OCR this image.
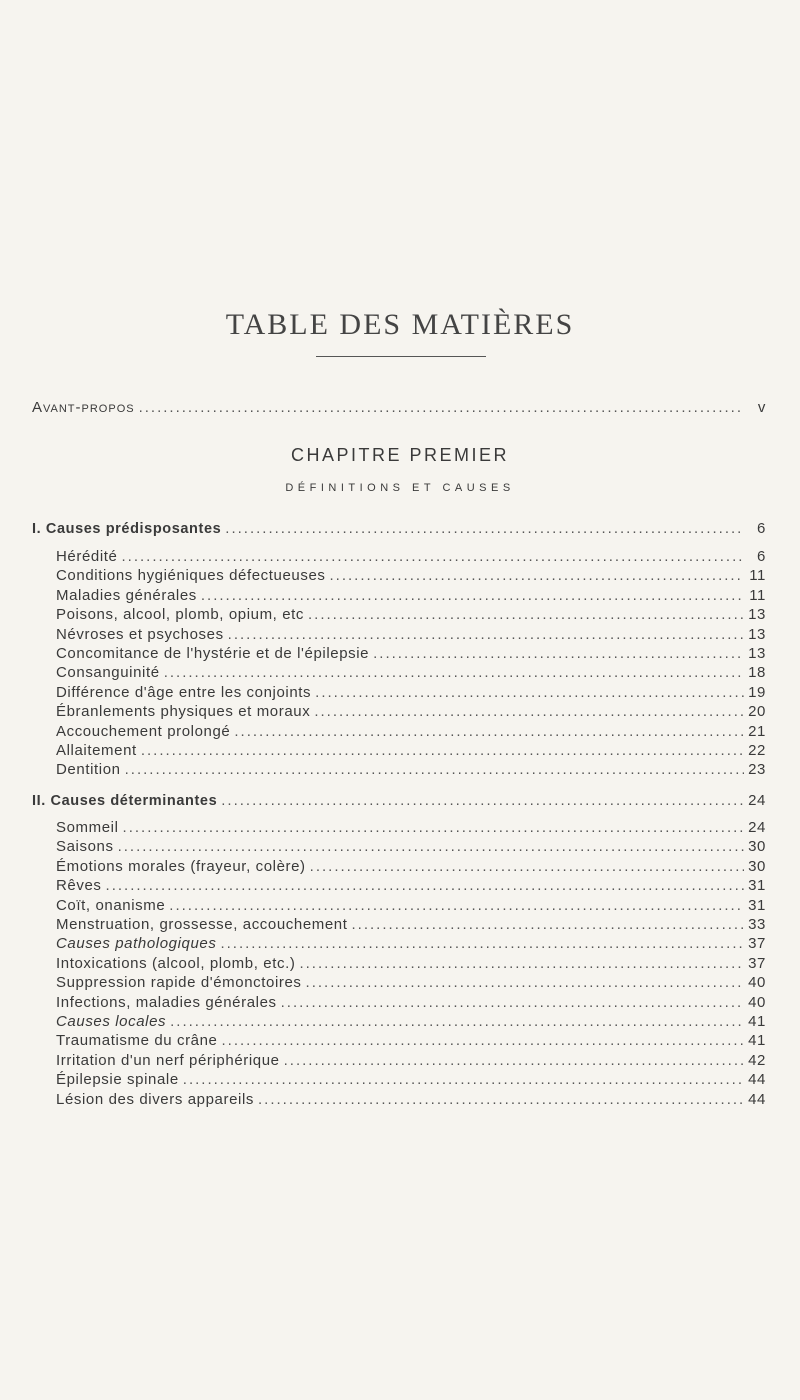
TABLE DES MATIÈRES
Avant-propos .....	v
CHAPITRE PREMIER
DÉFINITIONS ET CAUSES
I. Causes prédisposantes .....	6
Hérédité .....	6
Conditions hygiéniques défectueuses .....	11
Maladies générales .....	11
Poisons, alcool, plomb, opium, etc .....	13
Névroses et psychoses .....	13
Concomitance de l'hystérie et de l'épilepsie .....	13
Consanguinité .....	18
Différence d'âge entre les conjoints .....	19
Ébranlements physiques et moraux .....	20
Accouchement prolongé .....	21
Allaitement .....	22
Dentition .....	23
II. Causes déterminantes .....	24
Sommeil .....	24
Saisons .....	30
Émotions morales (frayeur, colère) .....	30
Rêves .....	31
Coït, onanisme .....	31
Menstruation, grossesse, accouchement .....	33
Causes pathologiques .....	37
Intoxications (alcool, plomb, etc.) .....	37
Suppression rapide d'émonctoires .....	40
Infections, maladies générales .....	40
Causes locales .....	41
Traumatisme du crâne .....	41
Irritation d'un nerf périphérique .....	42
Épilepsie spinale .....	44
Lésion des divers appareils .....	44
